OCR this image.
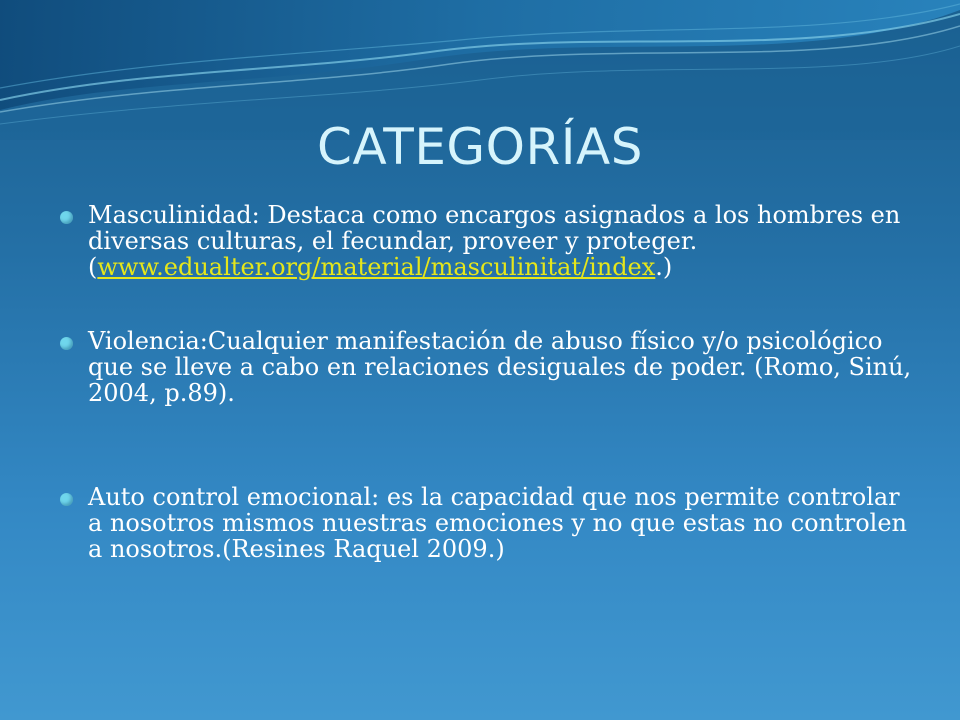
CATEGORÍAS
Masculinidad: Destaca como encargos asignados a los hombres en diversas culturas, el fecundar, proveer y proteger.(www.edualter.org/material/masculinitat/index.)
Violencia:Cualquier manifestación de abuso físico y/o psicológico que se lleve a cabo en relaciones desiguales de poder. (Romo, Sinú, 2004, p.89).
Auto control emocional: es la capacidad que nos permite controlar a nosotros mismos nuestras emociones y no que estas no controlen a nosotros.(Resines Raquel 2009.)
